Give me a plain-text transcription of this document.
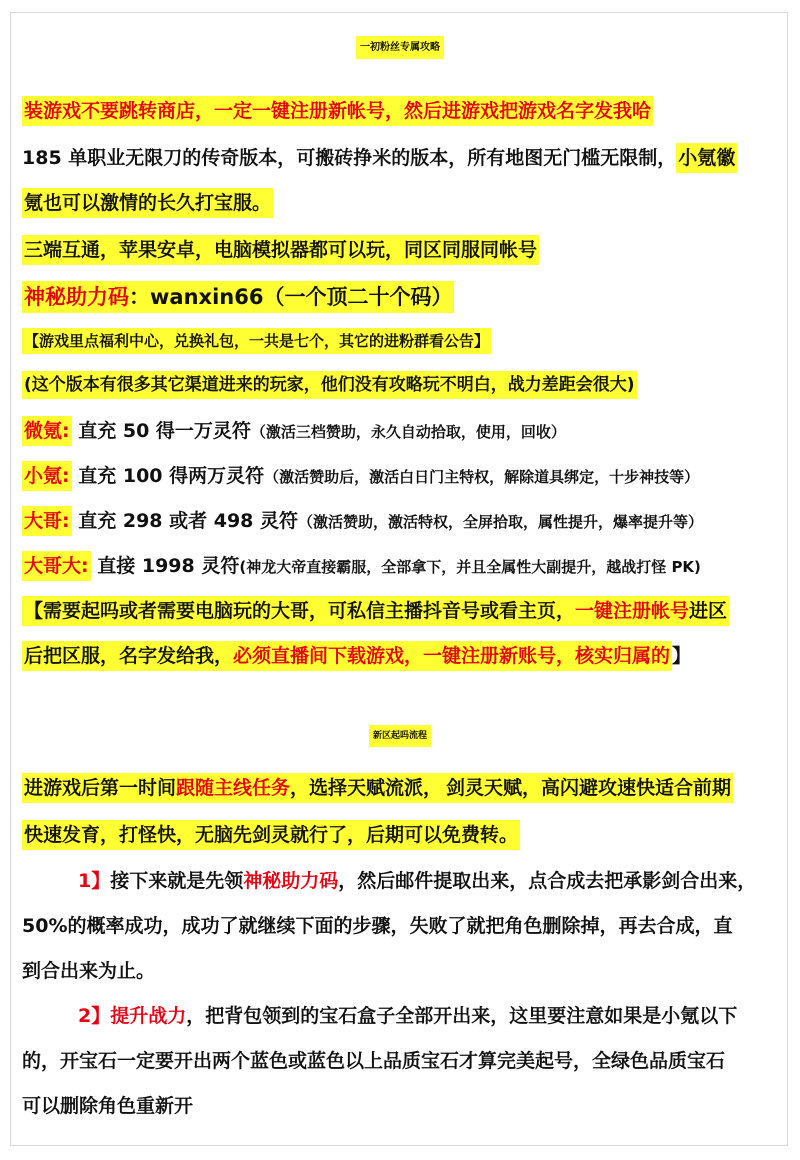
一初粉丝专属攻略
装游戏不要跳转商店，一定一键注册新帐号，然后进游戏把游戏名字发我哈
185 单职业无限刀的传奇版本，可搬砖挣米的版本，所有地图无门槛无限制， 小氪徽
氪也可以激情的长久打宝服。
三端互通，苹果安卓，电脑模拟器都可以玩，同区同服同帐号
神秘助力码：wanxin66（一个顶二十个码）
【游戏里点福利中心，兑换礼包，一共是七个，其它的进粉群看公告】
(这个版本有很多其它渠道进来的玩家，他们没有攻略玩不明白，战力差距会很大)
微氪: 直充 50 得一万灵符（激活三档赞助，永久自动拾取，使用，回收）
小氪: 直充 100 得两万灵符（激活赞助后，激活白日门主特权，解除道具绑定，十步神技等）
大哥: 直充 298 或者 498 灵符（激活赞助，激活特权，全屏拾取，属性提升，爆率提升等）
大哥大: 直接 1998 灵符(神龙大帝直接霸服，全部拿下，并且全属性大副提升，越战打怪 PK)
【需要起吗或者需要电脑玩的大哥，可私信主播抖音号或看主页，一键注册帐号进区
后把区服，名字发给我，必须直播间下载游戏，一键注册新账号，核实归属的 】
新区起吗流程
进游戏后第一时间跟随主线任务，选择天赋流派， 剑灵天赋，高闪避攻速快适合前期
快速发育，打怪快，无脑先剑灵就行了，后期可以免费转。
1】接下来就是先领神秘助力码，然后邮件提取出来，点合成去把承影剑合出来，
50%的概率成功，成功了就继续下面的步骤，失败了就把角色删除掉，再去合成，直
到合出来为止。
2】提升战力，把背包领到的宝石盒子全部开出来，这里要注意如果是小氪以下
的，开宝石一定要开出两个蓝色或蓝色以上品质宝石才算完美起号，全绿色品质宝石
可以删除角色重新开
